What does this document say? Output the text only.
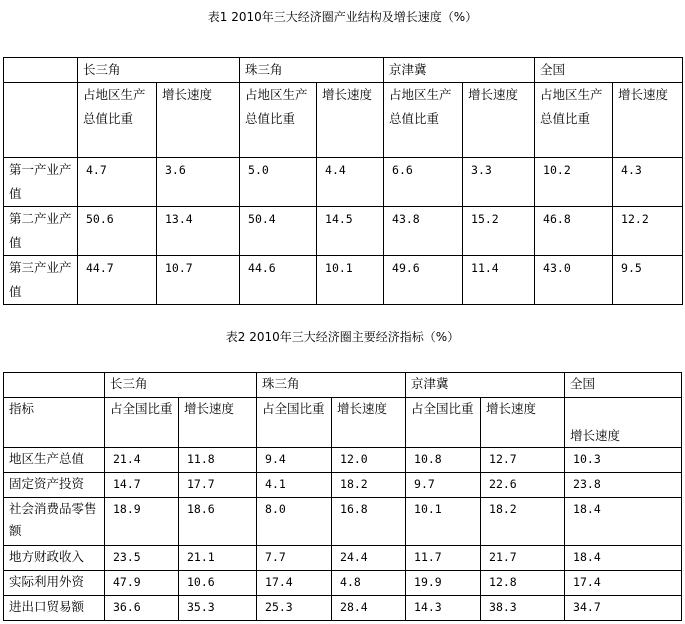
表1 2010年三大经济圈产业结构及增长速度（%）
	长三角		珠三角		京津冀		全国	
	占地区生产总值比重	增长速度	占地区生产总值比重	增长速度	占地区生产总值比重	增长速度	占地区生产总值比重	增长速度
第一产业产值	4.7	3.6	5.0	4.4	6.6	3.3	10.2	4.3
第二产业产值	50.6	13.4	50.4	14.5	43.8	15.2	46.8	12.2
第三产业产值	44.7	10.7	44.6	10.1	49.6	11.4	43.0	9.5
表2 2010年三大经济圈主要经济指标（%）
	长三角		珠三角		京津冀		全国
指标	占全国比重	增长速度	占全国比重	增长速度	占全国比重	增长速度	增长速度
地区生产总值	21.4	11.8	9.4	12.0	10.8	12.7	10.3
固定资产投资	14.7	17.7	4.1	18.2	9.7	22.6	23.8
社会消费品零售额	18.9	18.6	8.0	16.8	10.1	18.2	18.4
地方财政收入	23.5	21.1	7.7	24.4	11.7	21.7	18.4
实际利用外资	47.9	10.6	17.4	4.8	19.9	12.8	17.4
进出口贸易额	36.6	35.3	25.3	28.4	14.3	38.3	34.7
